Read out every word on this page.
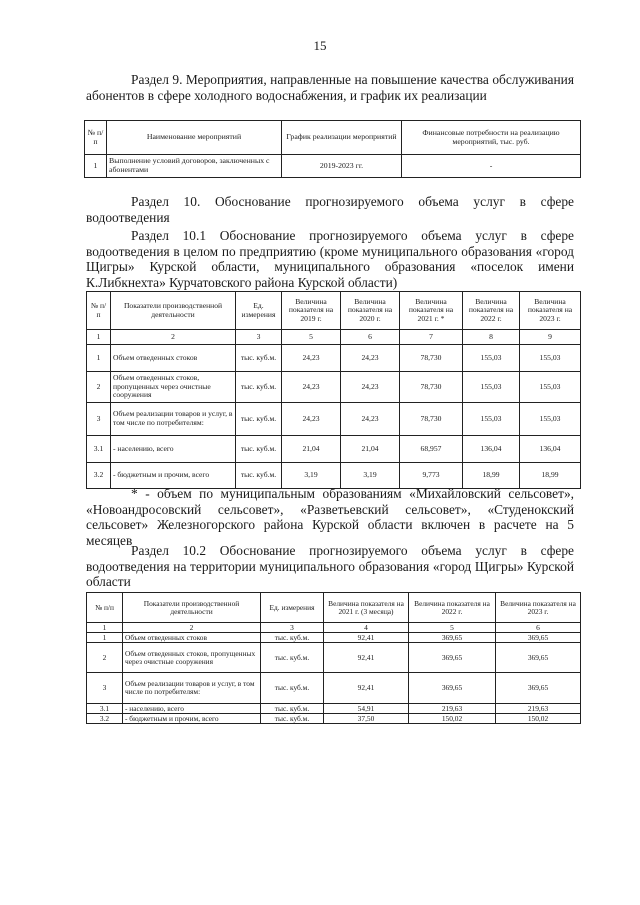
15
Раздел 9. Мероприятия, направленные на повышение качества обслуживания абонентов в сфере холодного водоснабжения, и график их реализации
№ п/п	Наименование мероприятий	График реализации мероприятий	Финансовые потребности на реализацию мероприятий, тыс. руб.
1	Выполнение условий договоров, заключенных с абонентами	2019-2023 гг.	-
Раздел 10. Обоснование прогнозируемого объема услуг в сфере водоотведения
Раздел 10.1 Обоснование прогнозируемого объема услуг в сфере водоотведения в целом по предприятию (кроме муниципального образования «город Щигры» Курской области, муниципального образования «поселок имени К.Либкнехта» Курчатовского района Курской области)
№ п/п	Показатели производственной деятельности	Ед. измерения	Величина показателя на 2019 г.	Величина показателя на 2020 г.	Величина показателя на 2021 г. *	Величина показателя на 2022 г.	Величина показателя на 2023 г.
1	2	3	5	6	7	8	9
1	Объем отведенных стоков	тыс. куб.м.	24,23	24,23	78,730	155,03	155,03
2	Объем отведенных стоков, пропущенных через очистные сооружения	тыс. куб.м.	24,23	24,23	78,730	155,03	155,03
3	Объем реализации товаров и услуг, в том числе по потребителям:	тыс. куб.м.	24,23	24,23	78,730	155,03	155,03
3.1	- населению, всего	тыс. куб.м.	21,04	21,04	68,957	136,04	136,04
3.2	- бюджетным и прочим, всего	тыс. куб.м.	3,19	3,19	9,773	18,99	18,99
* - объем по муниципальным образованиям «Михайловский сельсовет», «Новоандросовский сельсовет», «Разветьевский сельсовет», «Студенокский сельсовет» Железногорского района Курской области включен в расчете на 5 месяцев
Раздел 10.2 Обоснование прогнозируемого объема услуг в сфере водоотведения на территории муниципального образования «город Щигры» Курской области
№ п/п	Показатели производственной деятельности	Ед. измерения	Величина показателя на 2021 г. (3 месяца)	Величина показателя на 2022 г.	Величина показателя на 2023 г.
1	2	3	4	5	6
1	Объем отведенных стоков	тыс. куб.м.	92,41	369,65	369,65
2	Объем отведенных стоков, пропущенных через очистные сооружения	тыс. куб.м.	92,41	369,65	369,65
3	Объем реализации товаров и услуг, в том числе по потребителям:	тыс. куб.м.	92,41	369,65	369,65
3.1	- населению, всего	тыс. куб.м.	54,91	219,63	219,63
3.2	- бюджетным и прочим, всего	тыс. куб.м.	37,50	150,02	150,02
